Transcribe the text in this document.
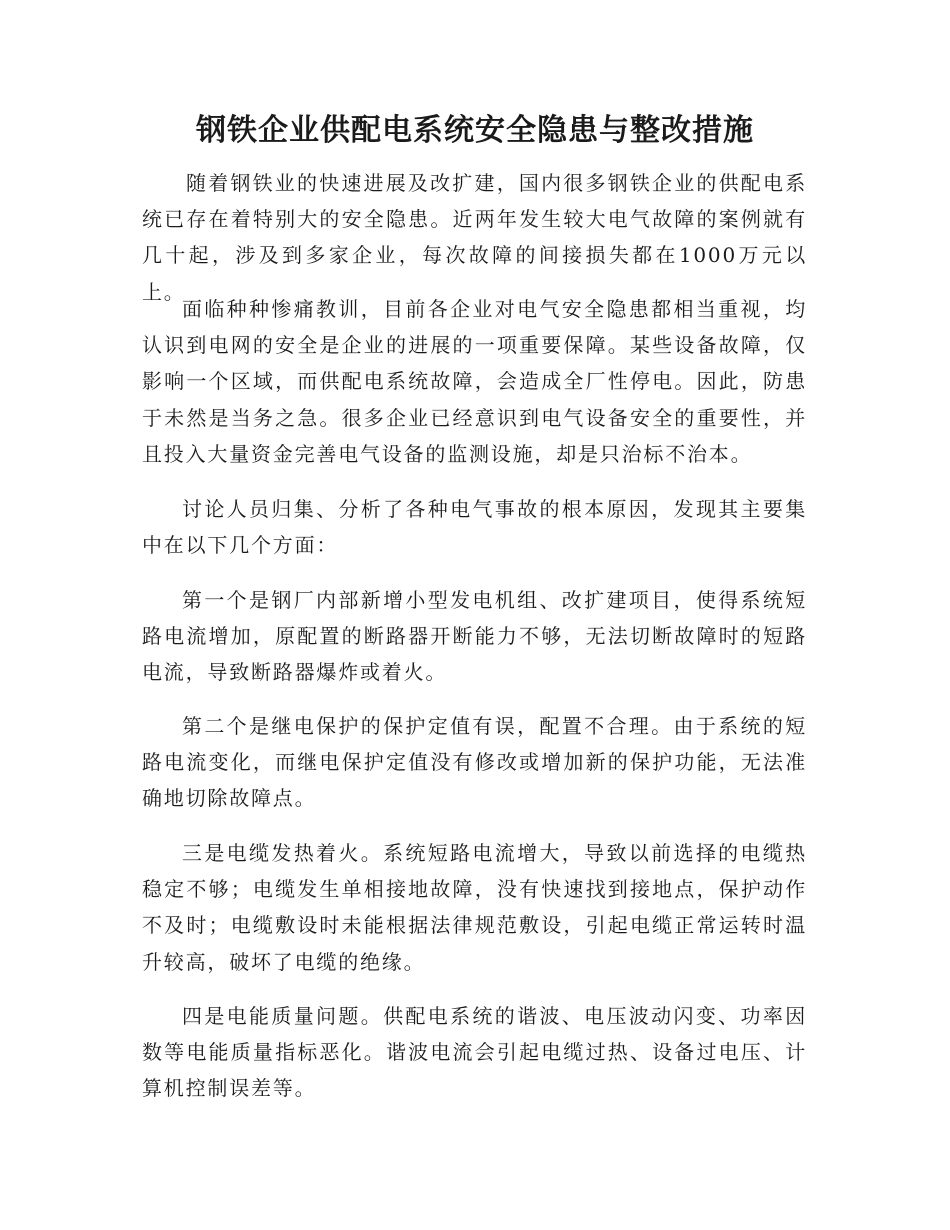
钢铁企业供配电系统安全隐患与整改措施

随着钢铁业的快速进展及改扩建，国内很多钢铁企业的供配电系统已存在着特别大的安全隐患。近两年发生较大电气故障的案例就有几十起，涉及到多家企业，每次故障的间接损失都在1000万元以上。

面临种种惨痛教训，目前各企业对电气安全隐患都相当重视，均认识到电网的安全是企业的进展的一项重要保障。某些设备故障，仅影响一个区域，而供配电系统故障，会造成全厂性停电。因此，防患于未然是当务之急。很多企业已经意识到电气设备安全的重要性，并且投入大量资金完善电气设备的监测设施，却是只治标不治本。

讨论人员归集、分析了各种电气事故的根本原因，发现其主要集中在以下几个方面：

第一个是钢厂内部新增小型发电机组、改扩建项目，使得系统短路电流增加，原配置的断路器开断能力不够，无法切断故障时的短路电流，导致断路器爆炸或着火。

第二个是继电保护的保护定值有误，配置不合理。由于系统的短路电流变化，而继电保护定值没有修改或增加新的保护功能，无法准确地切除故障点。

三是电缆发热着火。系统短路电流增大，导致以前选择的电缆热稳定不够；电缆发生单相接地故障，没有快速找到接地点，保护动作不及时；电缆敷设时未能根据法律规范敷设，引起电缆正常运转时温升较高，破坏了电缆的绝缘。

四是电能质量问题。供配电系统的谐波、电压波动闪变、功率因数等电能质量指标恶化。谐波电流会引起电缆过热、设备过电压、计算机控制误差等。
